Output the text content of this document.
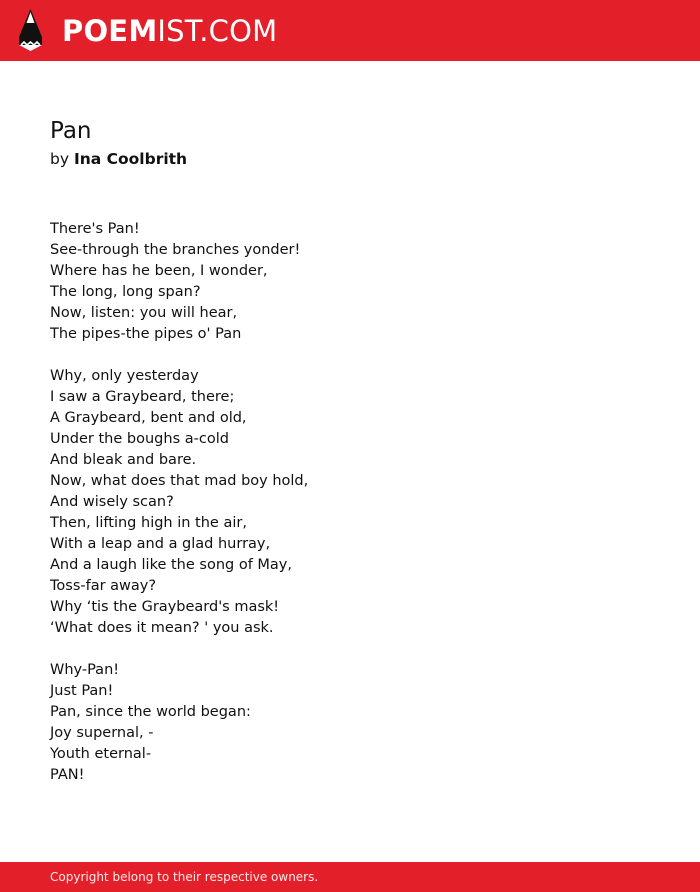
POEMIST.COM
Pan
by Ina Coolbrith
There's Pan!
See-through the branches yonder!
Where has he been, I wonder,
The long, long span?
Now, listen: you will hear,
The pipes-the pipes o' Pan
Why, only yesterday
I saw a Graybeard, there;
A Graybeard, bent and old,
Under the boughs a-cold
And bleak and bare.
Now, what does that mad boy hold,
And wisely scan?
Then, lifting high in the air,
With a leap and a glad hurray,
And a laugh like the song of May,
Toss-far away?
Why ‘tis the Graybeard's mask!
‘What does it mean? ' you ask.
Why-Pan!
Just Pan!
Pan, since the world began:
Joy supernal, -
Youth eternal-
PAN!
Copyright belong to their respective owners.
